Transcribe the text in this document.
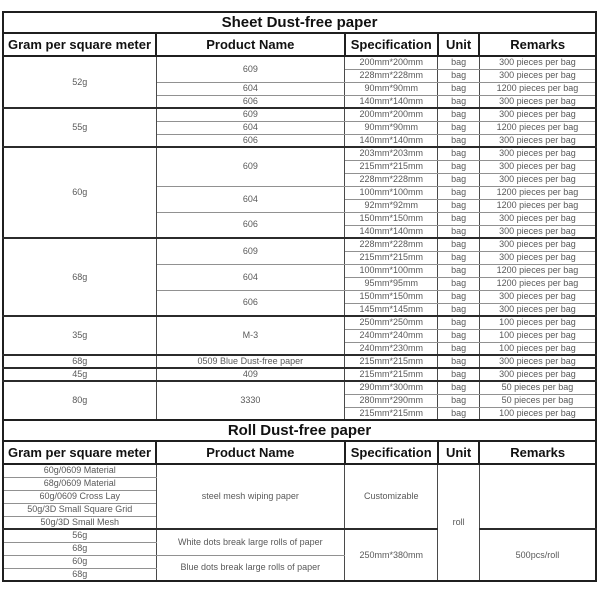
Sheet Dust-free paper				
Gram per square meter	Product Name	Specification	Unit	Remarks
52g	609	200mm*200mm	bag	300 pieces per bag
		228mm*228mm	bag	300 pieces per bag
	604	90mm*90mm	bag	1200 pieces per bag
	606	140mm*140mm	bag	300 pieces per bag
55g	609	200mm*200mm	bag	300 pieces per bag
	604	90mm*90mm	bag	1200 pieces per bag
	606	140mm*140mm	bag	300 pieces per bag
60g	609	203mm*203mm	bag	300 pieces per bag
		215mm*215mm	bag	300 pieces per bag
		228mm*228mm	bag	300 pieces per bag
	604	100mm*100mm	bag	1200 pieces per bag
		92mm*92mm	bag	1200 pieces per bag
	606	150mm*150mm	bag	300 pieces per bag
		140mm*140mm	bag	300 pieces per bag
68g	609	228mm*228mm	bag	300 pieces per bag
		215mm*215mm	bag	300 pieces per bag
	604	100mm*100mm	bag	1200 pieces per bag
		95mm*95mm	bag	1200 pieces per bag
	606	150mm*150mm	bag	300 pieces per bag
		145mm*145mm	bag	300 pieces per bag
35g	M-3	250mm*250mm	bag	100 pieces per bag
		240mm*240mm	bag	100 pieces per bag
		240mm*230mm	bag	100 pieces per bag
68g	0509 Blue Dust-free paper	215mm*215mm	bag	300 pieces per bag
45g	409	215mm*215mm	bag	300 pieces per bag
80g	3330	290mm*300mm	bag	50 pieces per bag
		280mm*290mm	bag	50 pieces per bag
		215mm*215mm	bag	100 pieces per bag
Roll Dust-free paper				
Gram per square meter	Product Name	Specification	Unit	Remarks
60g/0609 Material	steel mesh wiping paper	Customizable	roll	
68g/0609 Material				
60g/0609 Cross Lay				
50g/3D Small Square Grid				
50g/3D Small Mesh				
56g	White dots break large rolls of paper	250mm*380mm		500pcs/roll
68g				
60g	Blue dots break large rolls of paper			
68g				
